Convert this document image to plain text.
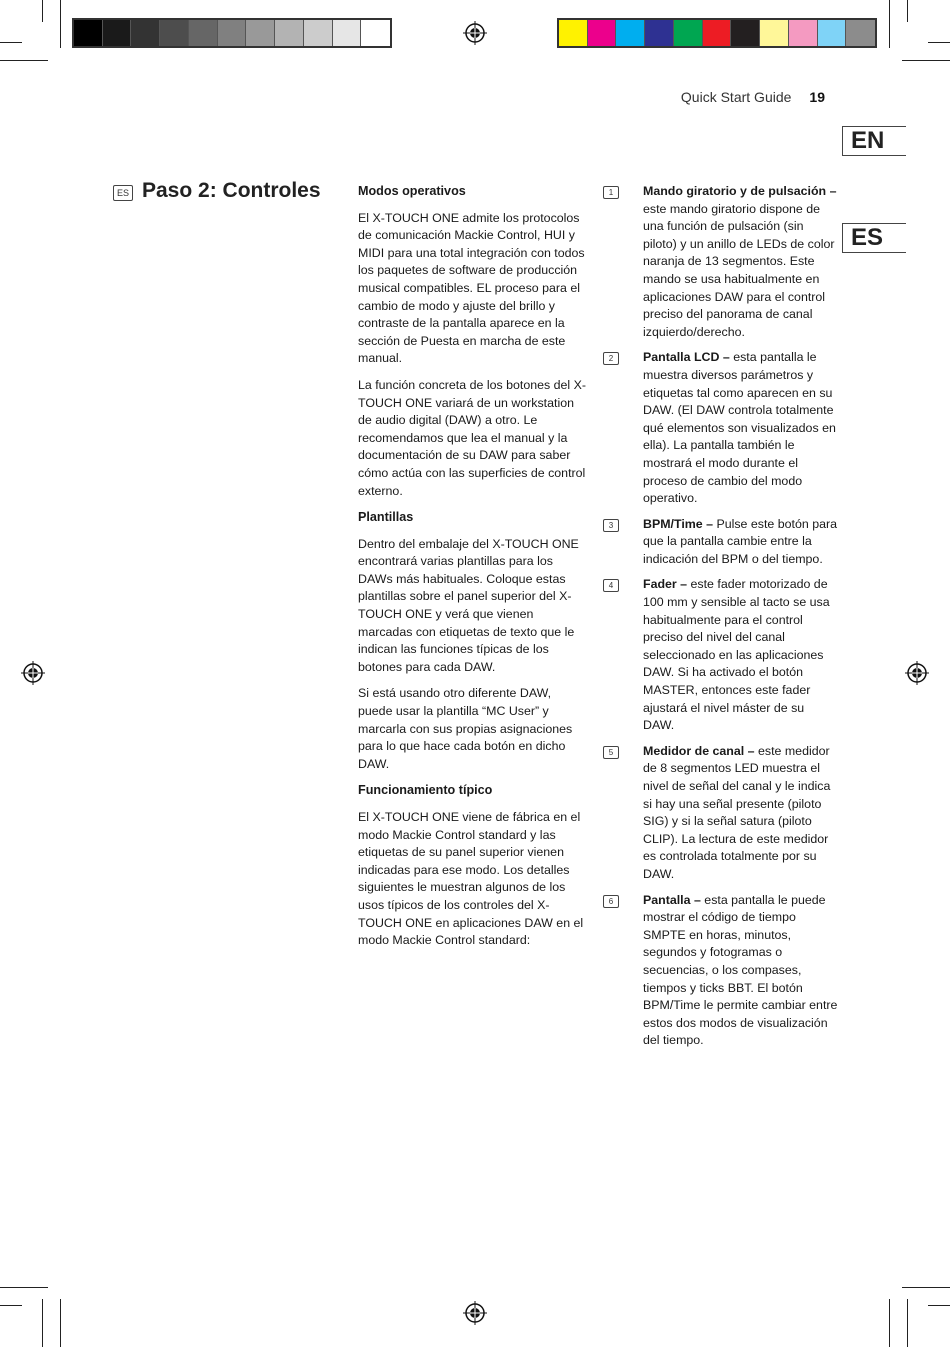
Quick Start Guide 19
EN
ES
ES Paso 2: Controles	Modos operativos

El X-TOUCH ONE admite los protocolos de comunicación Mackie Control, HUI y MIDI para una total integración con todos los paquetes de software de producción musical compatibles. EL proceso para el cambio de modo y ajuste del brillo y contraste de la pantalla aparece en la sección de Puesta en marcha de este manual.

La función concreta de los botones del X-TOUCH ONE variará de un workstation de audio digital (DAW) a otro. Le recomendamos que lea el manual y la documentación de su DAW para saber cómo actúa con las superficies de control externo.

Plantillas

Dentro del embalaje del X-TOUCH ONE encontrará varias plantillas para los DAWs más habituales. Coloque estas plantillas sobre el panel superior del X-TOUCH ONE y verá que vienen marcadas con etiquetas de texto que le indican las funciones típicas de los botones para cada DAW.

Si está usando otro diferente DAW, puede usar la plantilla “MC User” y marcarla con sus propias asignaciones para lo que hace cada botón en dicho DAW.

Funcionamiento típico

El X-TOUCH ONE viene de fábrica en el modo Mackie Control standard y las etiquetas de su panel superior vienen indicadas para ese modo. Los detalles siguientes le muestran algunos de los usos típicos de los controles del X-TOUCH ONE en aplicaciones DAW en el modo Mackie Control standard:

1	Mando giratorio y de pulsación – este mando giratorio dispone de una función de pulsación (sin piloto) y un anillo de LEDs de color naranja de 13 segmentos. Este mando se usa habitualmente en aplicaciones DAW para el control preciso del panorama de canal izquierdo/derecho.
2	Pantalla LCD – esta pantalla le muestra diversos parámetros y etiquetas tal como aparecen en su DAW. (El DAW controla totalmente qué elementos son visualizados en ella). La pantalla también le mostrará el modo durante el proceso de cambio del modo operativo.
3	BPM/Time – Pulse este botón para que la pantalla cambie entre la indicación del BPM o del tiempo.
4	Fader – este fader motorizado de 100 mm y sensible al tacto se usa habitualmente para el control preciso del nivel del canal seleccionado en las aplicaciones DAW. Si ha activado el botón MASTER, entonces este fader ajustará el nivel máster de su DAW.
5	Medidor de canal – este medidor de 8 segmentos LED muestra el nivel de señal del canal y le indica si hay una señal presente (piloto SIG) y si la señal satura (piloto CLIP). La lectura de este medidor es controlada totalmente por su DAW.
6	Pantalla – esta pantalla le puede mostrar el código de tiempo SMPTE en horas, minutos, segundos y fotogramas o secuencias, o los compases, tiempos y ticks BBT. El botón BPM/Time le permite cambiar entre estos dos modos de visualización del tiempo.
